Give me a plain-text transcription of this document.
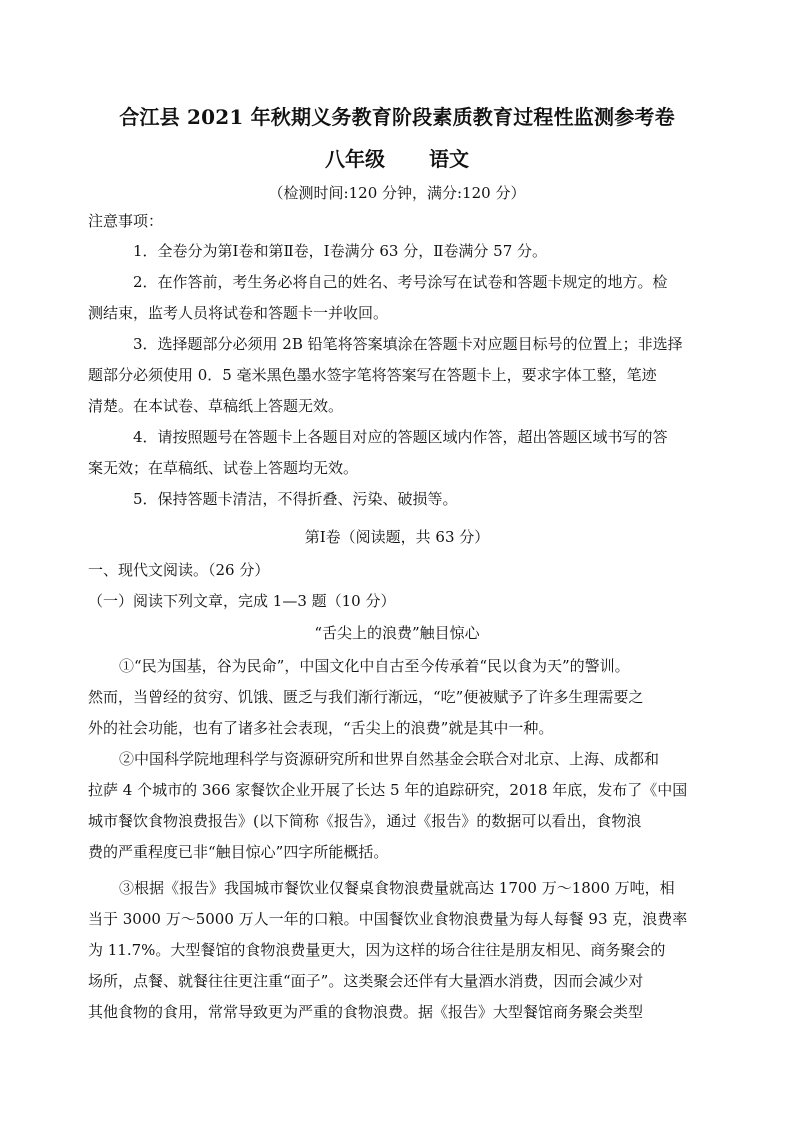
合江县 2021 年秋期义务教育阶段素质教育过程性监测参考卷
八年级 语文
（检测时间:120 分钟，满分:120 分）
注意事项：
1．全卷分为第Ⅰ卷和第Ⅱ卷，Ⅰ卷满分 63 分，Ⅱ卷满分 57 分。
2．在作答前，考生务必将自己的姓名、考号涂写在试卷和答题卡规定的地方。检
测结束，监考人员将试卷和答题卡一并收回。
3．选择题部分必须用 2B 铅笔将答案填涂在答题卡对应题目标号的位置上；非选择
题部分必须使用 0．5 毫米黑色墨水签字笔将答案写在答题卡上，要求字体工整，笔迹
清楚。在本试卷、草稿纸上答题无效。
4．请按照题号在答题卡上各题目对应的答题区域内作答，超出答题区域书写的答
案无效；在草稿纸、试卷上答题均无效。
5．保持答题卡清洁，不得折叠、污染、破损等。
第Ⅰ卷（阅读题，共 63 分）
一、现代文阅读。（26 分）
（一）阅读下列文章，完成 1—3 题（10 分）
“舌尖上的浪费”触目惊心
①“民为国基，谷为民命”，中国文化中自古至今传承着“民以食为天”的警训。
然而，当曾经的贫穷、饥饿、匮乏与我们渐行渐远，“吃”便被赋予了许多生理需要之
外的社会功能，也有了诸多社会表现，“舌尖上的浪费”就是其中一种。
②中国科学院地理科学与资源研究所和世界自然基金会联合对北京、上海、成都和
拉萨 4 个城市的 366 家餐饮企业开展了长达 5 年的追踪研究，2018 年底，发布了《中国
城市餐饮食物浪费报告》(以下简称《报告》，通过《报告》的数据可以看出，食物浪
费的严重程度已非“触目惊心”四字所能概括。
③根据《报告》我国城市餐饮业仅餐桌食物浪费量就高达 1700 万～1800 万吨，相
当于 3000 万～5000 万人一年的口粮。中国餐饮业食物浪费量为每人每餐 93 克，浪费率
为 11.7%。大型餐馆的食物浪费量更大，因为这样的场合往往是朋友相见、商务聚会的
场所，点餐、就餐往往更注重“面子”。这类聚会还伴有大量酒水消费，因而会减少对
其他食物的食用，常常导致更为严重的食物浪费。据《报告》大型餐馆商务聚会类型
